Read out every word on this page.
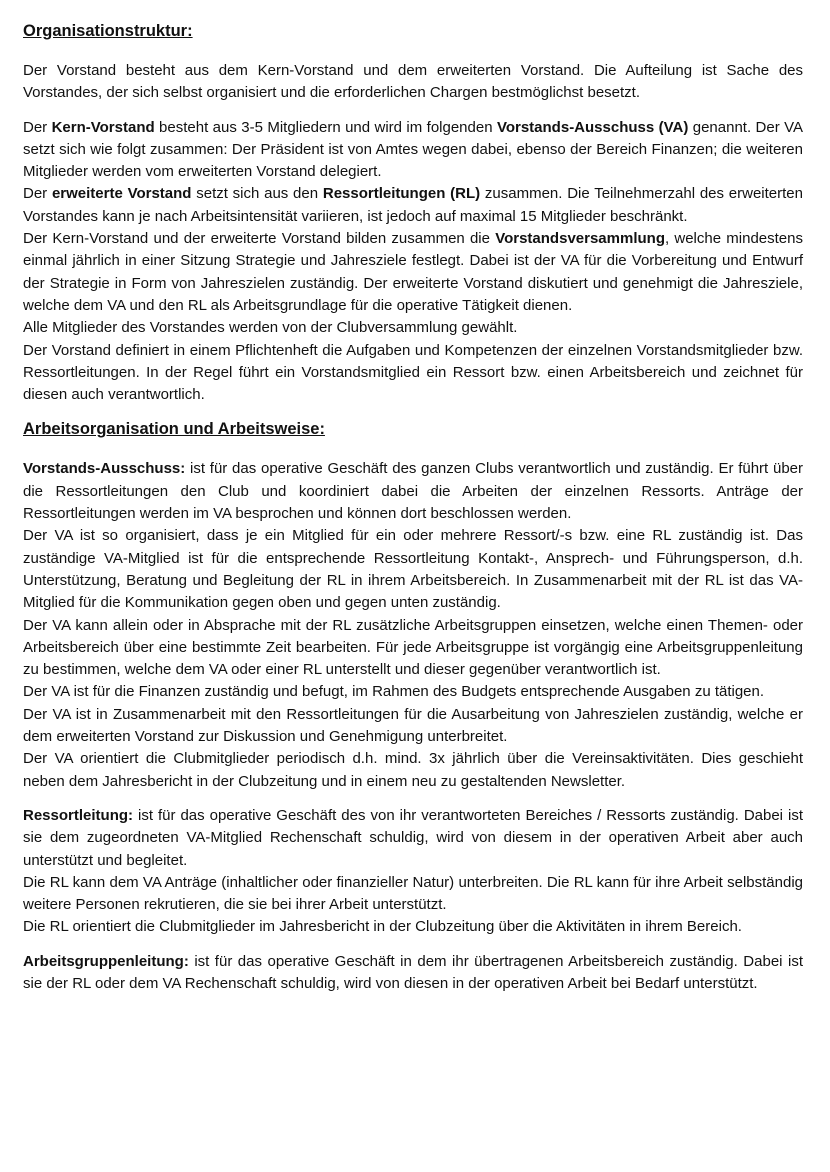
Organisationstruktur:

Der Vorstand besteht aus dem Kern-Vorstand und dem erweiterten Vorstand. Die Aufteilung ist Sache des Vorstandes, der sich selbst organisiert und die erforderlichen Chargen bestmöglichst besetzt.

Der Kern-Vorstand besteht aus 3-5 Mitgliedern und wird im folgenden Vorstands-Ausschuss (VA) genannt. Der VA setzt sich wie folgt zusammen: Der Präsident ist von Amtes wegen dabei, ebenso der Bereich Finanzen; die weiteren Mitglieder werden vom erweiterten Vorstand delegiert.

Der erweiterte Vorstand setzt sich aus den Ressortleitungen (RL) zusammen. Die Teilnehmerzahl des erweiterten Vorstandes kann je nach Arbeitsintensität variieren, ist jedoch auf maximal 15 Mitglieder beschränkt.

Der Kern-Vorstand und der erweiterte Vorstand bilden zusammen die Vorstandsversammlung, welche mindestens einmal jährlich in einer Sitzung Strategie und Jahresziele festlegt. Dabei ist der VA für die Vorbereitung und Entwurf der Strategie in Form von Jahreszielen zuständig. Der erweiterte Vorstand diskutiert und genehmigt die Jahresziele, welche dem VA und den RL als Arbeitsgrundlage für die operative Tätigkeit dienen.

Alle Mitglieder des Vorstandes werden von der Clubversammlung gewählt.

Der Vorstand definiert in einem Pflichtenheft die Aufgaben und Kompetenzen der einzelnen Vorstandsmitglieder bzw. Ressortleitungen. In der Regel führt ein Vorstandsmitglied ein Ressort bzw. einen Arbeitsbereich und zeichnet für diesen auch verantwortlich.

Arbeitsorganisation und Arbeitsweise:

Vorstands-Ausschuss: ist für das operative Geschäft des ganzen Clubs verantwortlich und zuständig. Er führt über die Ressortleitungen den Club und koordiniert dabei die Arbeiten der einzelnen Ressorts. Anträge der Ressortleitungen werden im VA besprochen und können dort beschlossen werden.

Der VA ist so organisiert, dass je ein Mitglied für ein oder mehrere Ressort/-s bzw. eine RL zuständig ist. Das zuständige VA-Mitglied ist für die entsprechende Ressortleitung Kontakt-, Ansprech- und Führungsperson, d.h. Unterstützung, Beratung und Begleitung der RL in ihrem Arbeitsbereich. In Zusammenarbeit mit der RL ist das VA-Mitglied für die Kommunikation gegen oben und gegen unten zuständig.

Der VA kann allein oder in Absprache mit der RL zusätzliche Arbeitsgruppen einsetzen, welche einen Themen- oder Arbeitsbereich über eine bestimmte Zeit bearbeiten. Für jede Arbeitsgruppe ist vorgängig eine Arbeitsgruppenleitung zu bestimmen, welche dem VA oder einer RL unterstellt und dieser gegenüber verantwortlich ist.

Der VA ist für die Finanzen zuständig und befugt, im Rahmen des Budgets entsprechende Ausgaben zu tätigen.

Der VA ist in Zusammenarbeit mit den Ressortleitungen für die Ausarbeitung von Jahreszielen zuständig, welche er dem erweiterten Vorstand zur Diskussion und Genehmigung unterbreitet.

Der VA orientiert die Clubmitglieder periodisch d.h. mind. 3x jährlich über die Vereinsaktivitäten. Dies geschieht neben dem Jahresbericht in der Clubzeitung und in einem neu zu gestaltenden Newsletter.

Ressortleitung: ist für das operative Geschäft des von ihr verantworteten Bereiches / Ressorts zuständig. Dabei ist sie dem zugeordneten VA-Mitglied Rechenschaft schuldig, wird von diesem in der operativen Arbeit aber auch unterstützt und begleitet.

Die RL kann dem VA Anträge (inhaltlicher oder finanzieller Natur) unterbreiten. Die RL kann für ihre Arbeit selbständig weitere Personen rekrutieren, die sie bei ihrer Arbeit unterstützt.

Die RL orientiert die Clubmitglieder im Jahresbericht in der Clubzeitung über die Aktivitäten in ihrem Bereich.

Arbeitsgruppenleitung: ist für das operative Geschäft in dem ihr übertragenen Arbeitsbereich zuständig. Dabei ist sie der RL oder dem VA Rechenschaft schuldig, wird von diesen in der operativen Arbeit bei Bedarf unterstützt.
